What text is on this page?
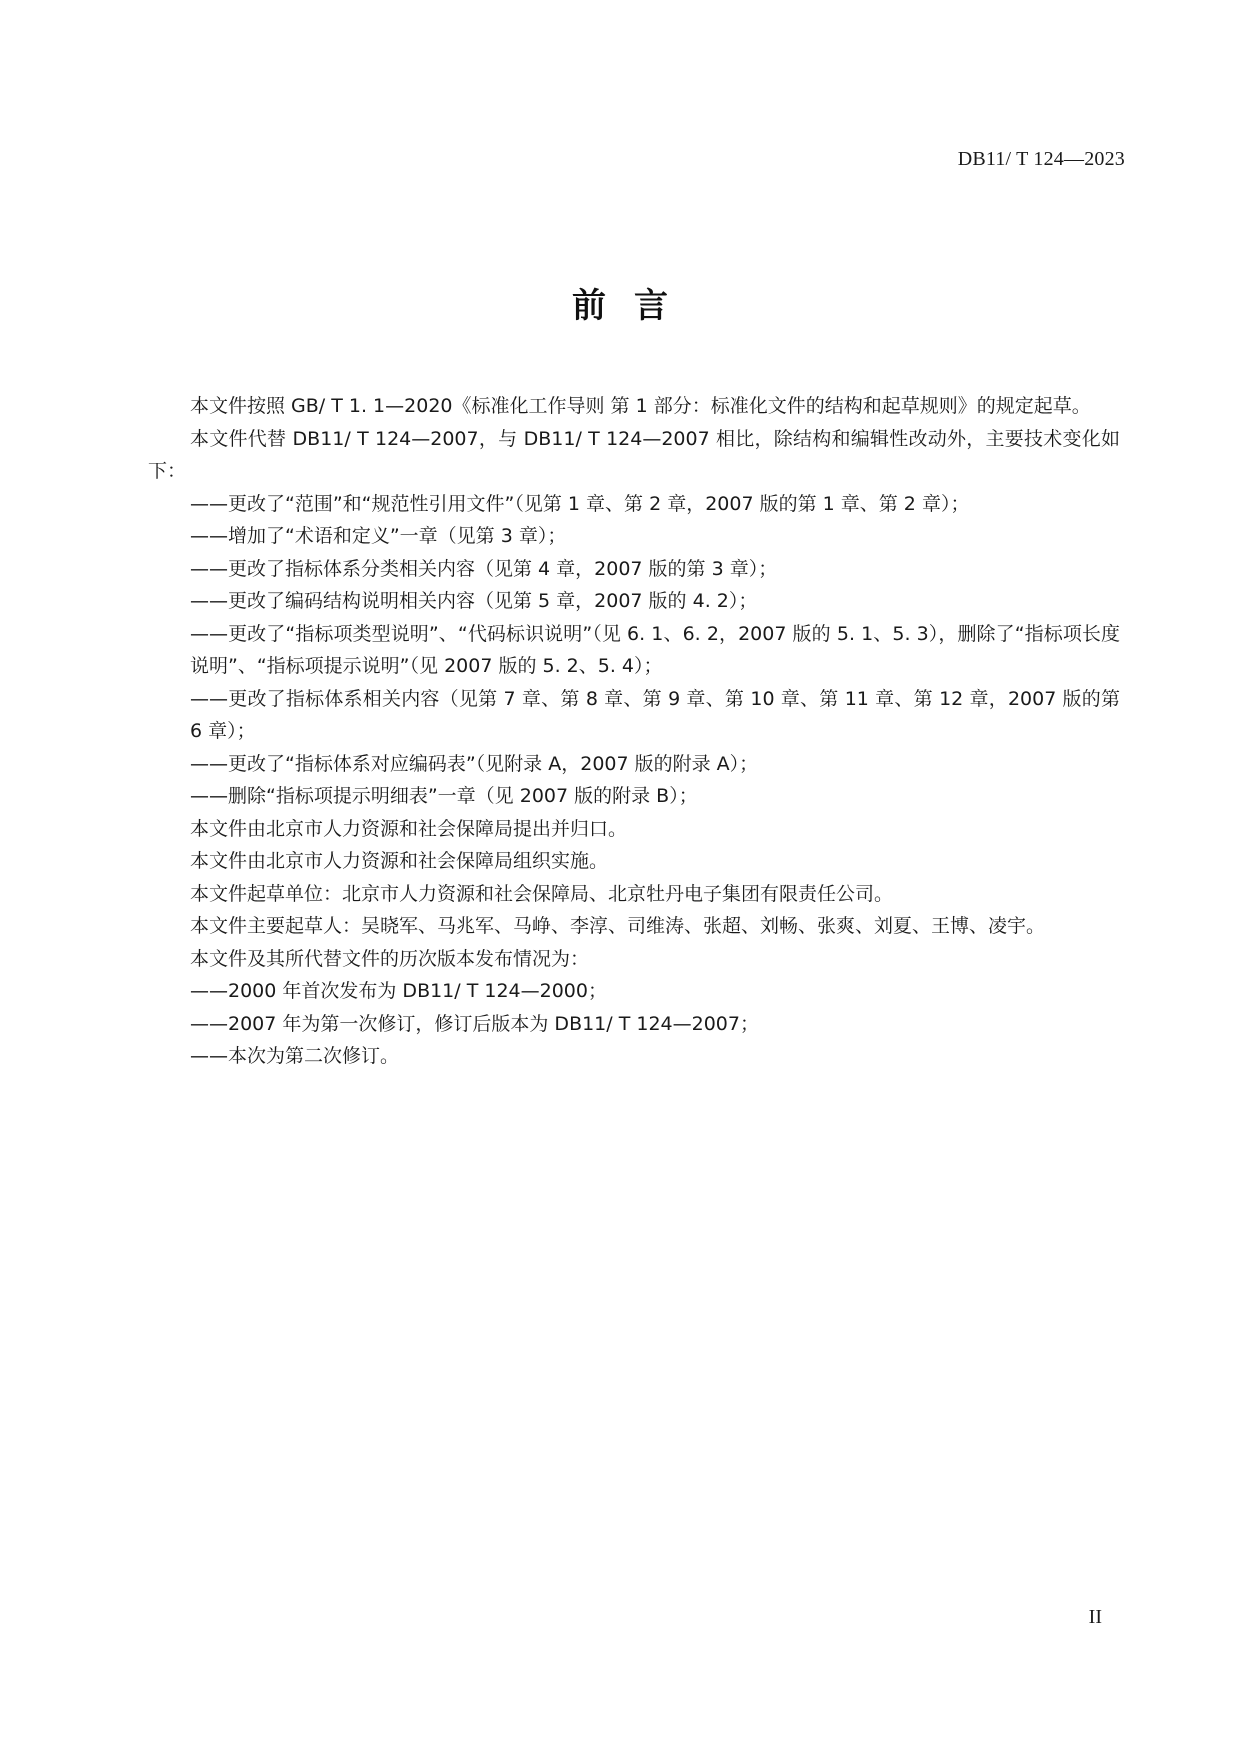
DB11/ T 124—2023
前言

本文件按照 GB/ T 1. 1—2020《标准化工作导则 第 1 部分：标准化文件的结构和起草规则》的规定起草。

本文件代替 DB11/ T 124—2007，与 DB11/ T 124—2007 相比，除结构和编辑性改动外，主要技术变化如下：

——更改了“范围”和“规范性引用文件”（见第 1 章、第 2 章，2007 版的第 1 章、第 2 章）；

——增加了“术语和定义”一章（见第 3 章）；

——更改了指标体系分类相关内容（见第 4 章，2007 版的第 3 章）；

——更改了编码结构说明相关内容（见第 5 章，2007 版的 4. 2）；

——更改了“指标项类型说明”、“代码标识说明”（见 6. 1、6. 2，2007 版的 5. 1、5. 3），删除了“指标项长度说明”、“指标项提示说明”（见 2007 版的 5. 2、5. 4）；

——更改了指标体系相关内容（见第 7 章、第 8 章、第 9 章、第 10 章、第 11 章、第 12 章，2007 版的第 6 章）；

——更改了“指标体系对应编码表”（见附录 A，2007 版的附录 A）；

——删除“指标项提示明细表”一章（见 2007 版的附录 B）；

本文件由北京市人力资源和社会保障局提出并归口。

本文件由北京市人力资源和社会保障局组织实施。

本文件起草单位：北京市人力资源和社会保障局、北京牡丹电子集团有限责任公司。

本文件主要起草人：吴晓军、马兆军、马峥、李淳、司维涛、张超、刘畅、张爽、刘夏、王博、凌宇。

本文件及其所代替文件的历次版本发布情况为：

——2000 年首次发布为 DB11/ T 124—2000；

——2007 年为第一次修订，修订后版本为 DB11/ T 124—2007；

——本次为第二次修订。

II
